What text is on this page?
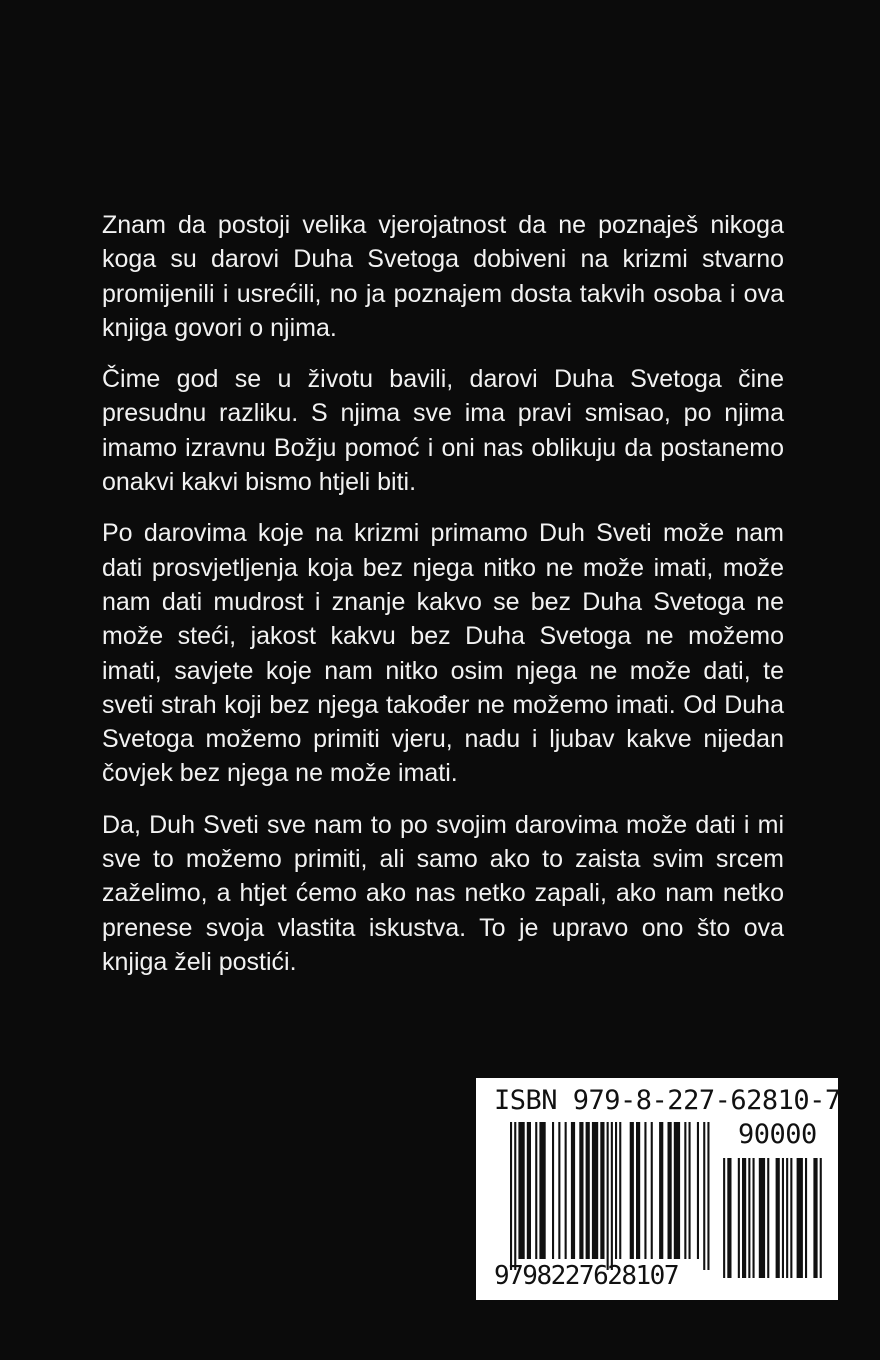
Znam da postoji velika vjerojatnost da ne poznaješ nikoga koga su darovi Duha Svetoga dobiveni na krizmi stvarno promijenili i usrećili, no ja poznajem dosta takvih osoba i ova knjiga govori o njima.

Čime god se u životu bavili, darovi Duha Svetoga čine presudnu razliku. S njima sve ima pravi smisao, po njima imamo izravnu Božju pomoć i oni nas oblikuju da postanemo onakvi kakvi bismo htjeli biti.

Po darovima koje na krizmi primamo Duh Sveti može nam dati prosvjetljenja koja bez njega nitko ne može imati, može nam dati mudrost i znanje kakvo se bez Duha Svetoga ne može steći, jakost kakvu bez Duha Svetoga ne možemo imati, savjete koje nam nitko osim njega ne može dati, te sveti strah koji bez njega također ne možemo imati. Od Duha Svetoga možemo primiti vjeru, nadu i ljubav kakve nijedan čovjek bez njega ne može imati.

Da, Duh Sveti sve nam to po svojim darovima može dati i mi sve to možemo primiti, ali samo ako to zaista svim srcem zaželimo, a htjet ćemo ako nas netko zapali, ako nam netko prenese svoja vlastita iskustva. To je upravo ono što ova knjiga želi postići.

ISBN 979-8-227-62810-7
90000
9798227628107
